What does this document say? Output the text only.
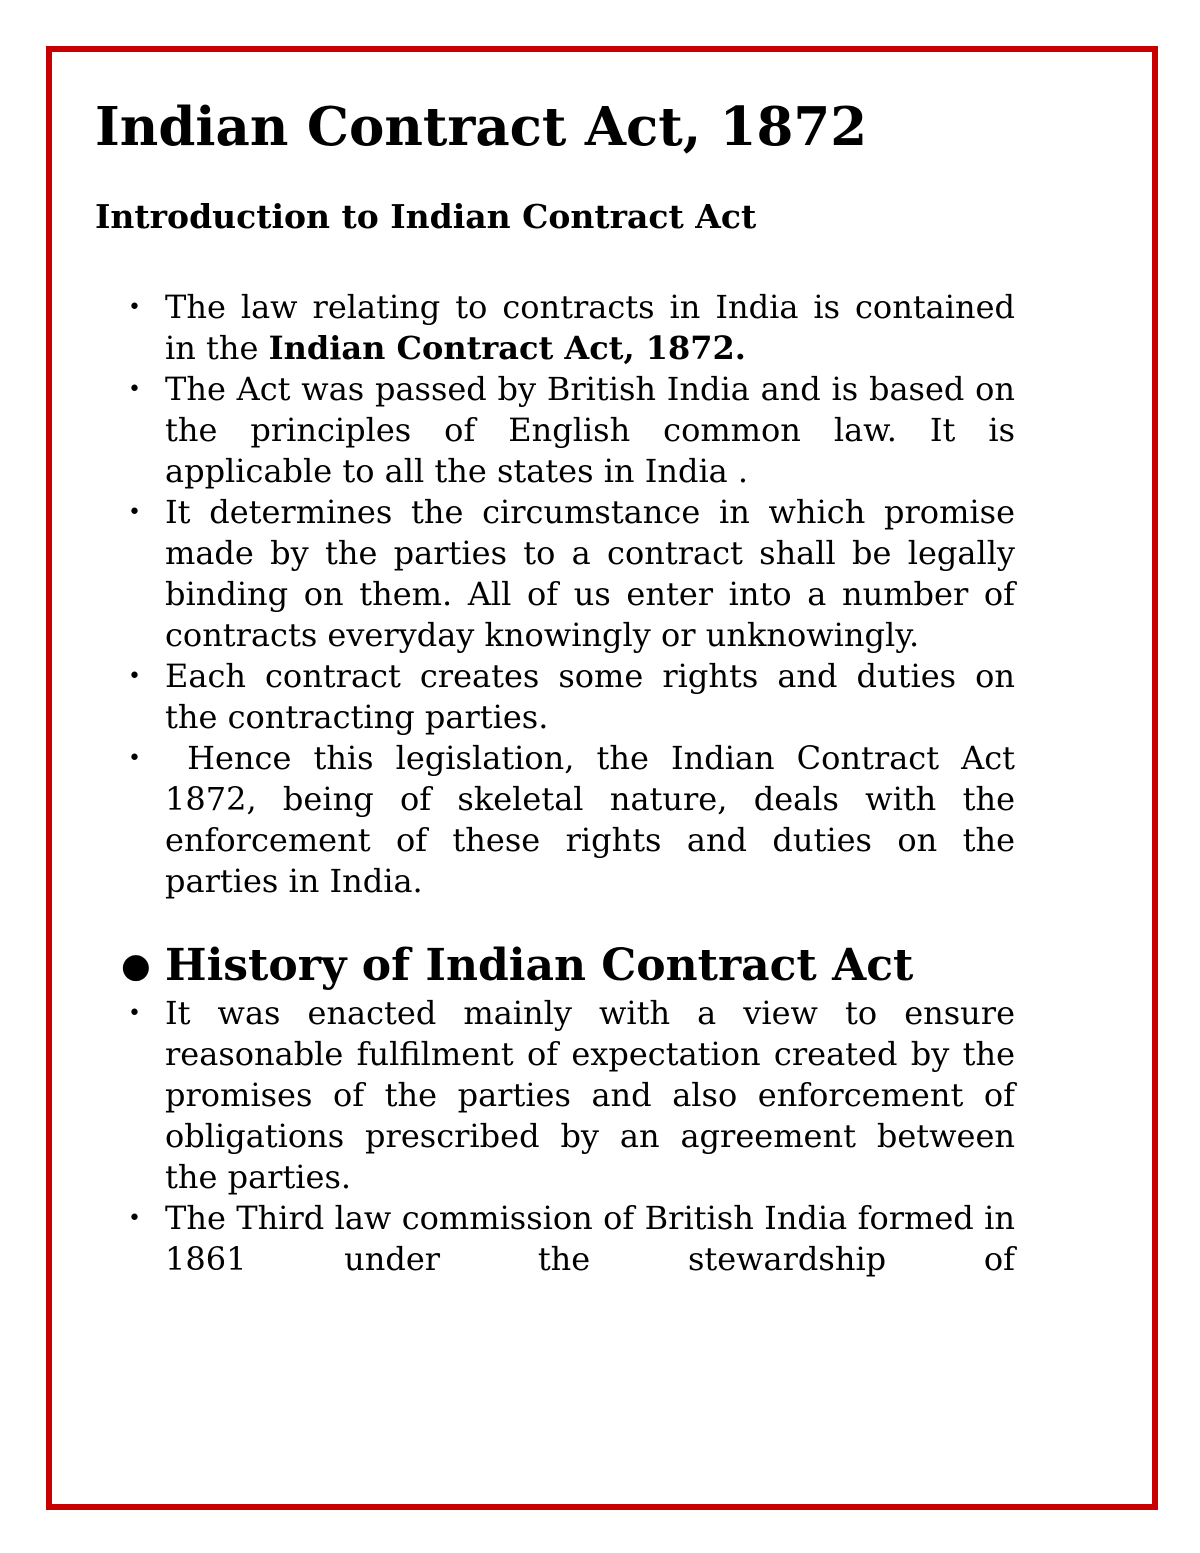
Indian Contract Act, 1872
Introduction to Indian Contract Act
• The law relating to contracts in India is contained in the Indian Contract Act, 1872.
• The Act was passed by British India and is based on the principles of English common law. It is applicable to all the states in India .
• It determines the circumstance in which promise made by the parties to a contract shall be legally binding on them. All of us enter into a number of contracts everyday knowingly or unknowingly.
• Each contract creates some rights and duties on the contracting parties.
• Hence this legislation, the Indian Contract Act 1872, being of skeletal nature, deals with the enforcement of these rights and duties on the parties in India.
● History of Indian Contract Act
• It was enacted mainly with a view to ensure reasonable fulfilment of expectation created by the promises of the parties and also enforcement of obligations prescribed by an agreement between the parties.
• The Third law commission of British India formed in 1861 under the stewardship of
